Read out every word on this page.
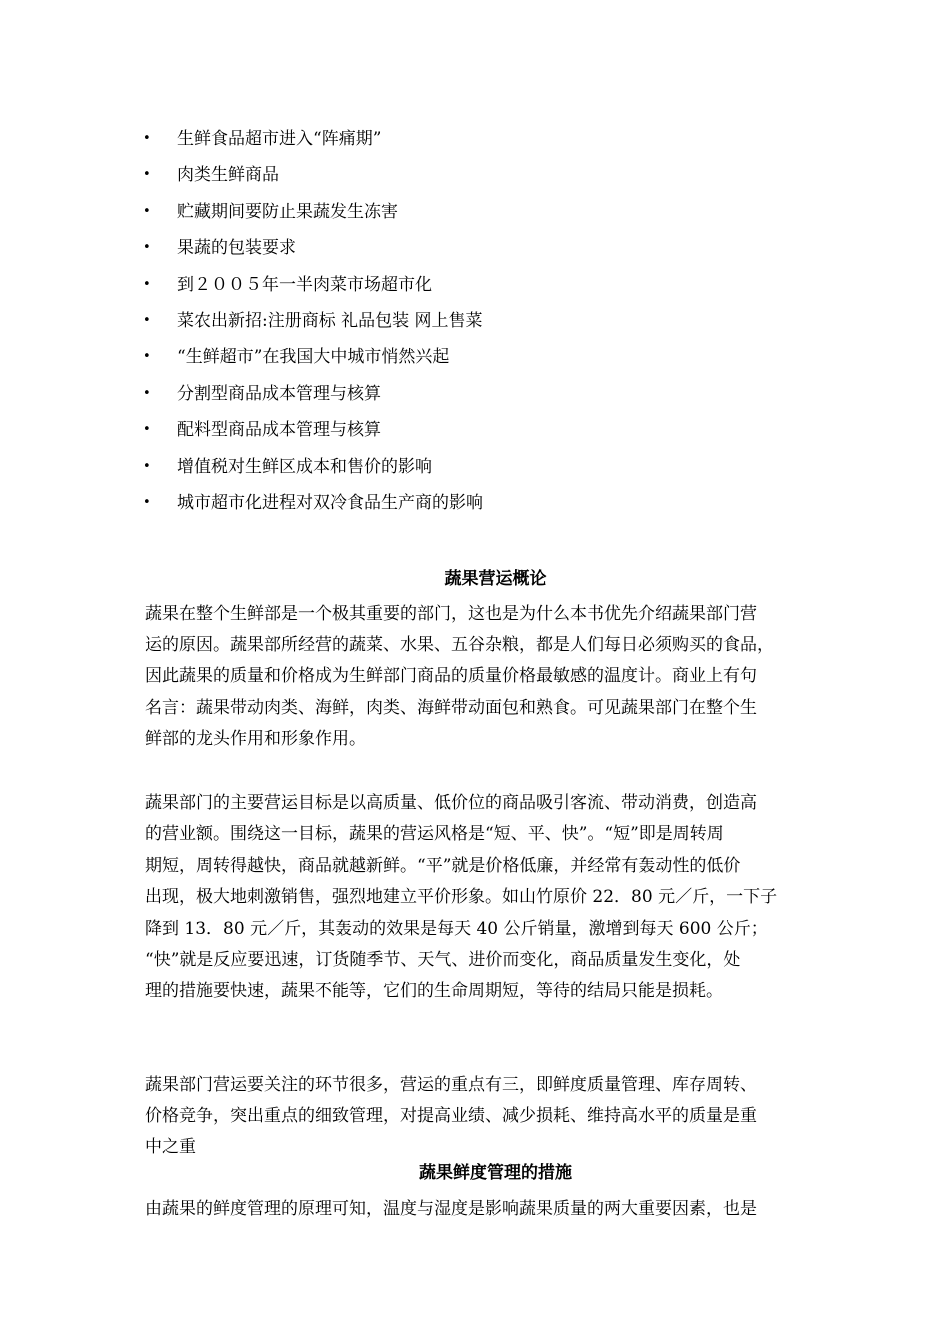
• 生鲜食品超市进入“阵痛期”
• 肉类生鲜商品
• 贮藏期间要防止果蔬发生冻害
• 果蔬的包装要求
• 到２００５年一半肉菜市场超市化
• 菜农出新招:注册商标 礼品包装 网上售菜
• “生鲜超市”在我国大中城市悄然兴起
• 分割型商品成本管理与核算
• 配料型商品成本管理与核算
• 增值税对生鲜区成本和售价的影响
• 城市超市化进程对双冷食品生产商的影响
蔬果营运概论

蔬果在整个生鲜部是一个极其重要的部门，这也是为什么本书优先介绍蔬果部门营
运的原因。蔬果部所经营的蔬菜、水果、五谷杂粮，都是人们每日必须购买的食品，
因此蔬果的质量和价格成为生鲜部门商品的质量价格最敏感的温度计。商业上有句
名言：蔬果带动肉类、海鲜，肉类、海鲜带动面包和熟食。可见蔬果部门在整个生
鲜部的龙头作用和形象作用。

蔬果部门的主要营运目标是以高质量、低价位的商品吸引客流、带动消费，创造高
的营业额。围绕这一目标，蔬果的营运风格是“短、平、快”。“短”即是周转周
期短，周转得越快，商品就越新鲜。“平”就是价格低廉，并经常有轰动性的低价
出现，极大地刺激销售，强烈地建立平价形象。如山竹原价 22．80 元／斤，一下子
降到 13．80 元／斤，其轰动的效果是每天 40 公斤销量，激增到每天 600 公斤；
“快”就是反应要迅速，订货随季节、天气、进价而变化，商品质量发生变化，处
理的措施要快速，蔬果不能等，它们的生命周期短，等待的结局只能是损耗。

蔬果部门营运要关注的环节很多，营运的重点有三，即鲜度质量管理、库存周转、
价格竞争，突出重点的细致管理，对提高业绩、减少损耗、维持高水平的质量是重
中之重

蔬果鲜度管理的措施

由蔬果的鲜度管理的原理可知，温度与湿度是影响蔬果质量的两大重要因素，也是
